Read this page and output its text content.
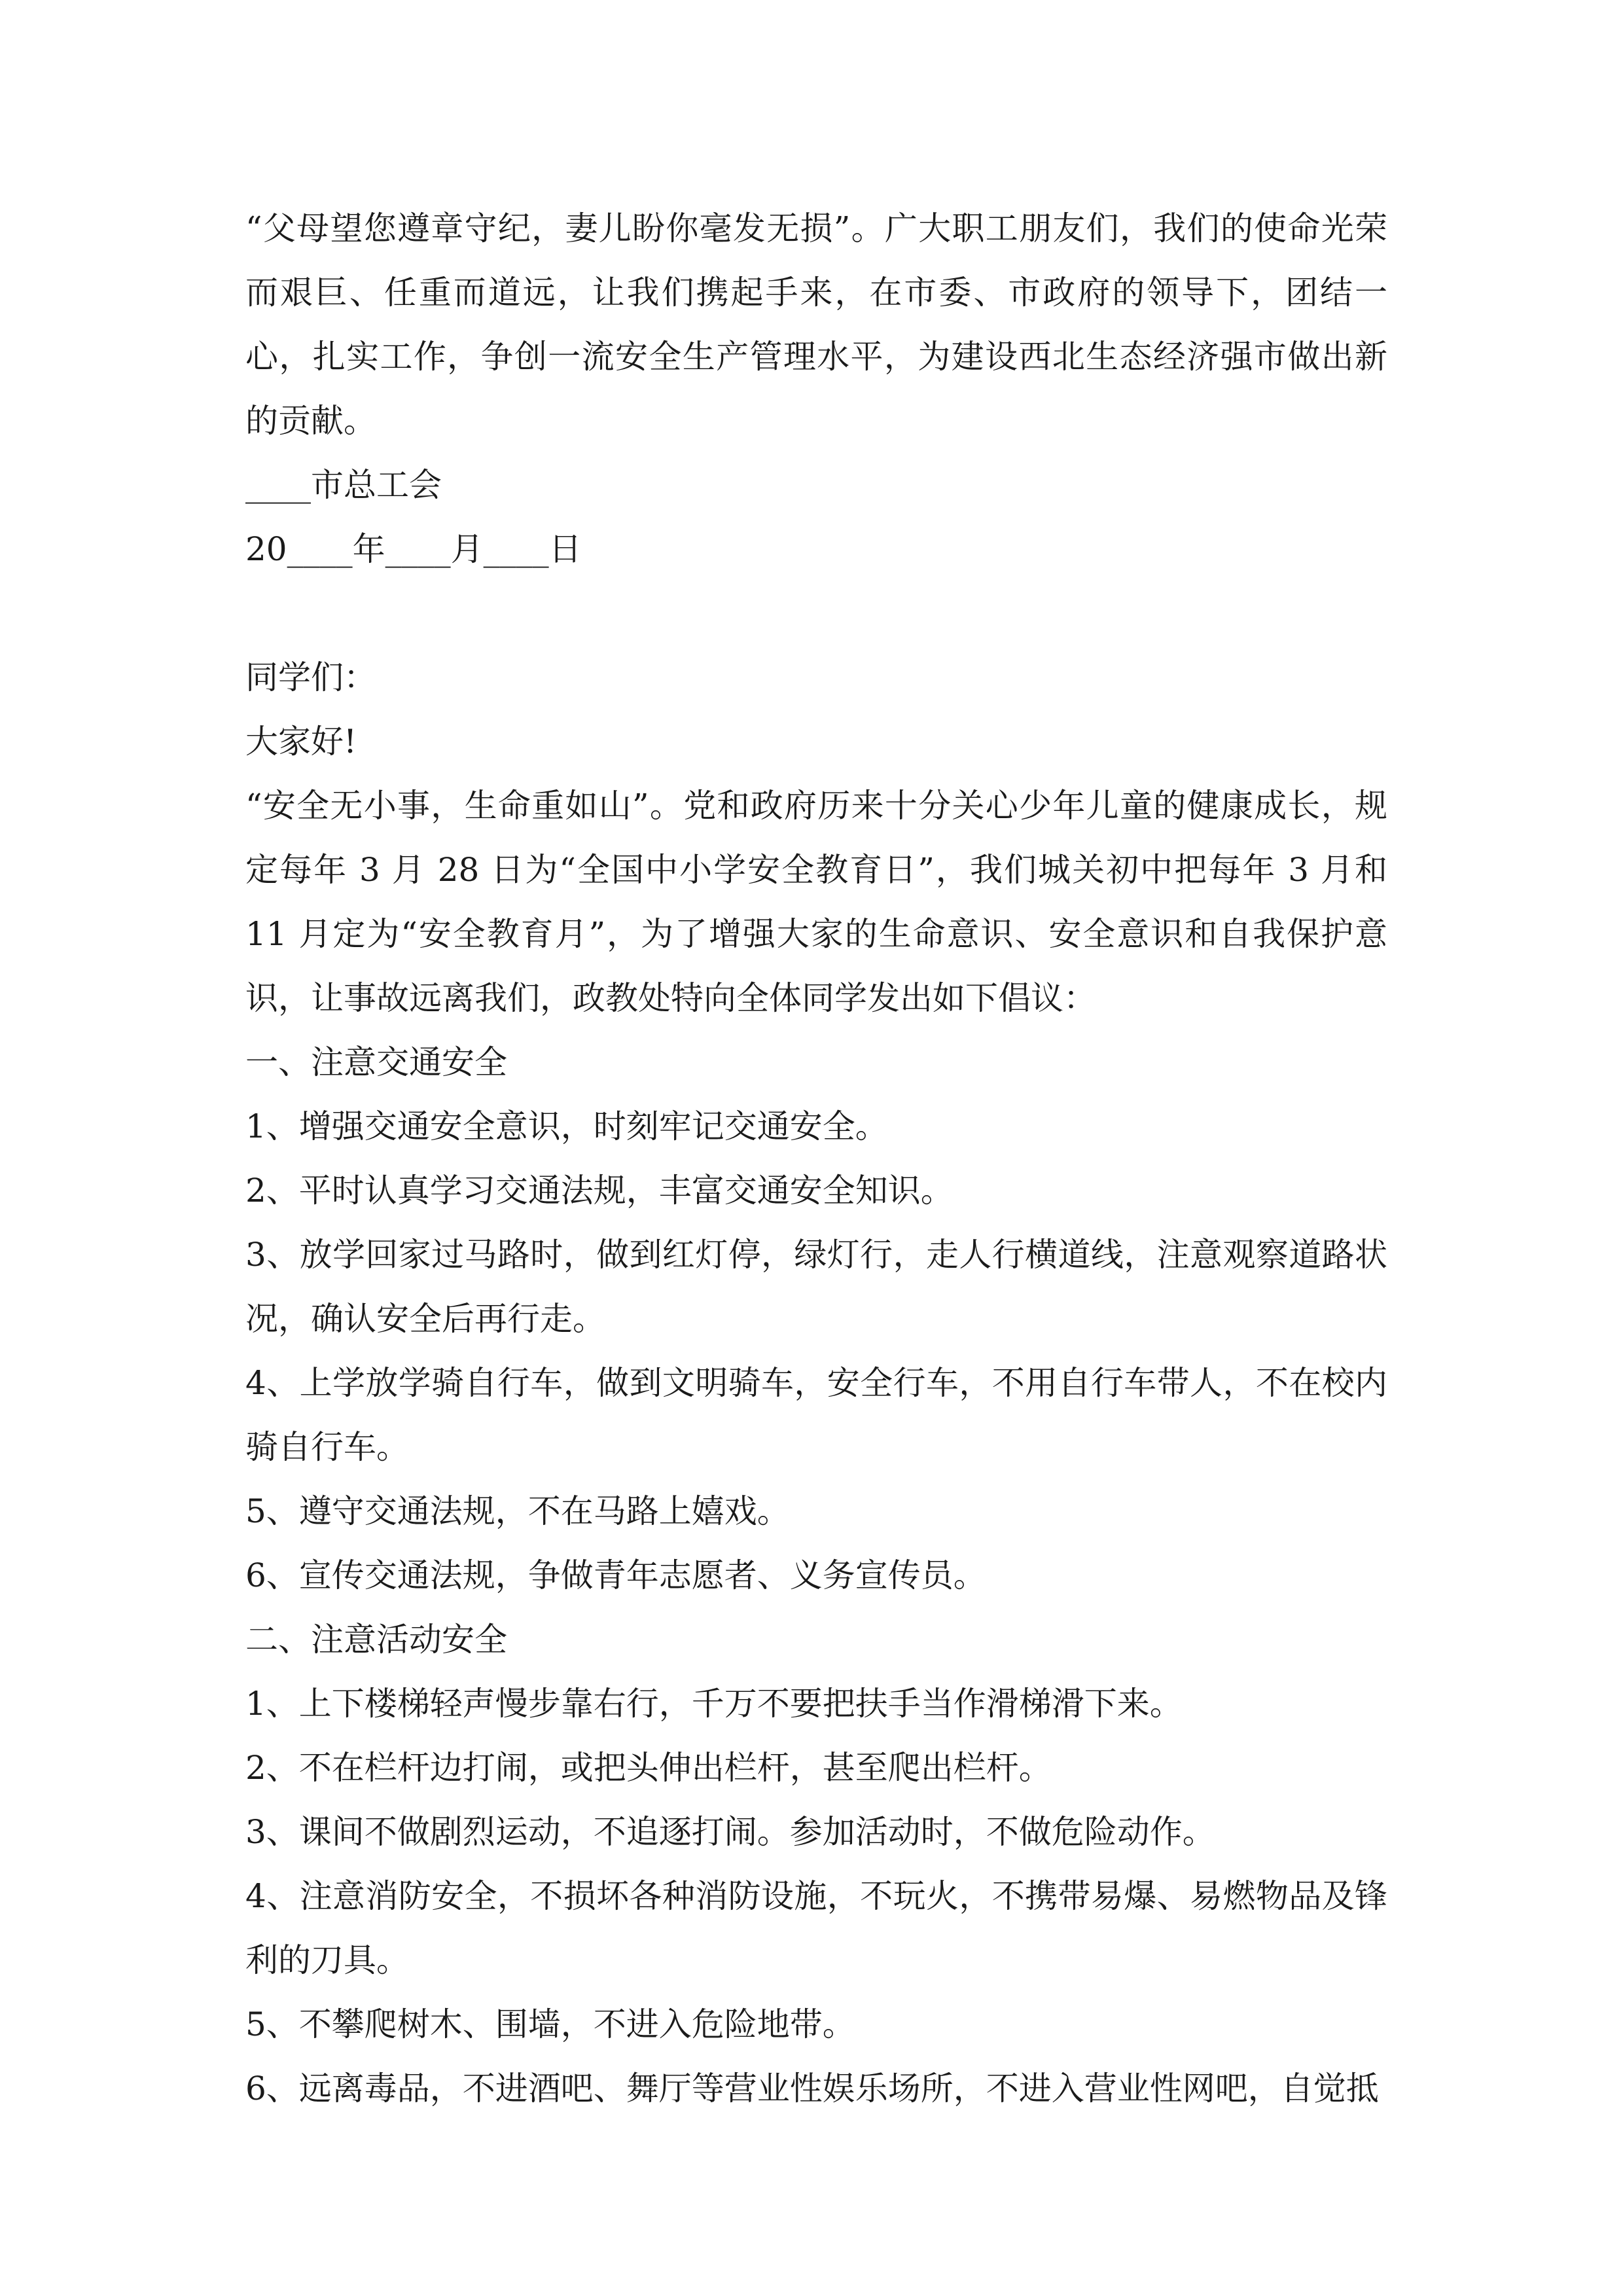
“父母望您遵章守纪，妻儿盼你毫发无损”。广大职工朋友们，我们的使命光荣而艰巨、任重而道远，让我们携起手来，在市委、市政府的领导下，团结一心，扎实工作，争创一流安全生产管理水平，为建设西北生态经济强市做出新的贡献。

____市总工会

20____年____月____日

同学们：

大家好!

“安全无小事，生命重如山”。党和政府历来十分关心少年儿童的健康成长，规定每年 3 月 28 日为“全国中小学安全教育日”，我们城关初中把每年 3 月和 11 月定为“安全教育月”，为了增强大家的生命意识、安全意识和自我保护意识，让事故远离我们，政教处特向全体同学发出如下倡议：

一、注意交通安全

1、增强交通安全意识，时刻牢记交通安全。

2、平时认真学习交通法规，丰富交通安全知识。

3、放学回家过马路时，做到红灯停，绿灯行，走人行横道线，注意观察道路状况，确认安全后再行走。

4、上学放学骑自行车，做到文明骑车，安全行车，不用自行车带人，不在校内骑自行车。

5、遵守交通法规，不在马路上嬉戏。

6、宣传交通法规，争做青年志愿者、义务宣传员。

二、注意活动安全

1、上下楼梯轻声慢步靠右行，千万不要把扶手当作滑梯滑下来。

2、不在栏杆边打闹，或把头伸出栏杆，甚至爬出栏杆。

3、课间不做剧烈运动，不追逐打闹。参加活动时，不做危险动作。

4、注意消防安全，不损坏各种消防设施，不玩火，不携带易爆、易燃物品及锋利的刀具。

5、不攀爬树木、围墙，不进入危险地带。

6、远离毒品，不进酒吧、舞厅等营业性娱乐场所，不进入营业性网吧，自觉抵
